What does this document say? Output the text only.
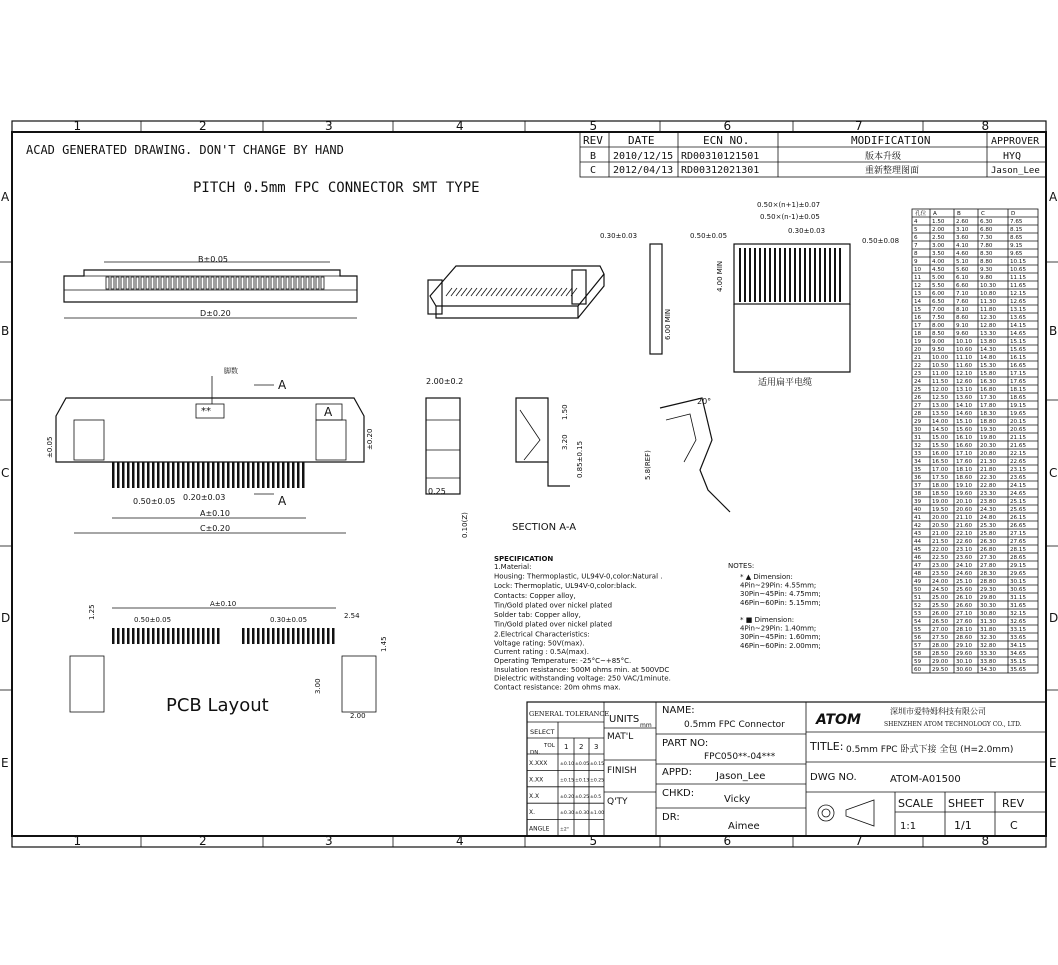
1
1
2
2
3
3
4
4
5
5
6
6
7
7
8
8
A	A
B	B
C	C
D	D
E	E
ACAD GENERATED DRAWING. DON'T CHANGE BY HAND
PITCH 0.5mm FPC CONNECTOR SMT TYPE
REV DATE	ECN NO.	MODIFICATION	APPROVER
B 2010/12/15 RD00310121501	版本升级	HYQ
C 2012/04/13 RD00312021301	重新整理图面	Jason_Lee
B±0.05
D±0.20
脚数
A
**	A
A
0.50±0.05 0.20±0.03
A±0.10
C±0.20
±0.05	±0.20
2.00±0.2
0.25
0.10(Z)
1.50
3.20 0.85±0.15
SECTION A-A
20°
5.8(REF)
0.30±0.03	0.50±0.05
6.00 MIN
0.50×(n+1)±0.07
0.50×(n-1)±0.05
0.30±0.03
0.50±0.08
4.00 MIN
适用扁平电缆
A±0.10
0.50±0.05	0.30±0.05	2.54
1.25
1.45
3.00
2.00
PCB Layout
SPECIFICATION
1.Material:
Housing: Thermoplastic, UL94V-0,color:Natural .
Lock: Thermoplatic, UL94V-0,color:black.
Contacts: Copper alloy,
Tin/Gold plated over nickel plated
Solder tab: Copper alloy,
Tin/Gold plated over nickel plated
2.Electrical Characteristics:
Voltage rating: 50V(max).
Current rating : 0.5A(max).
Operating Temperature: -25°C~+85°C.
Insulation resistance: 500M ohms min. at 500VDC
Dielectric withstanding voltage: 250 VAC/1minute.
Contact resistance: 20m ohms max.
NOTES:
* ▲ Dimension:
4Pin~29Pin: 4.55mm;
30Pin~45Pin: 4.75mm;
46Pin~60Pin: 5.15mm;
* ■ Dimension:
4Pin~29Pin: 1.40mm;
30Pin~45Pin: 1.60mm;
46Pin~60Pin: 2.00mm;
孔位 A	B	C	D
4	1.50 2.60 6.30	7.65
5	2.00 3.10 6.80	8.15
6	2.50 3.60 7.30	8.65
7	3.00 4.10 7.80	9.15
8	3.50 4.60 8.30	9.65
9	4.00 5.10 8.80	10.15
10 4.50 5.60 9.30	10.65
11 5.00 6.10 9.80	11.15
12 5.50 6.60 10.30 11.65
13 6.00 7.10 10.80 12.15
14 6.50 7.60 11.30 12.65
15 7.00 8.10 11.80 13.15
16 7.50 8.60 12.30 13.65
17 8.00 9.10 12.80 14.15
18 8.50 9.60 13.30 14.65
19 9.00 10.10 13.80 15.15
20 9.50 10.60 14.30 15.65
21 10.00 11.10 14.80 16.15
22 10.50 11.60 15.30 16.65
23 11.00 12.10 15.80 17.15
24 11.50 12.60 16.30 17.65
25 12.00 13.10 16.80 18.15
26 12.50 13.60 17.30 18.65
27 13.00 14.10 17.80 19.15
28 13.50 14.60 18.30 19.65
29 14.00 15.10 18.80 20.15
30 14.50 15.60 19.30 20.65
31 15.00 16.10 19.80 21.15
32 15.50 16.60 20.30 21.65
33 16.00 17.10 20.80 22.15
34 16.50 17.60 21.30 22.65
35 17.00 18.10 21.80 23.15
36 17.50 18.60 22.30 23.65
37 18.00 19.10 22.80 24.15
38 18.50 19.60 23.30 24.65
39 19.00 20.10 23.80 25.15
40 19.50 20.60 24.30 25.65
41 20.00 21.10 24.80 26.15
42 20.50 21.60 25.30 26.65
43 21.00 22.10 25.80 27.15
44 21.50 22.60 26.30 27.65
45 22.00 23.10 26.80 28.15
46 22.50 23.60 27.30 28.65
47 23.00 24.10 27.80 29.15
48 23.50 24.60 28.30 29.65
49 24.00 25.10 28.80 30.15
50 24.50 25.60 29.30 30.65
51 25.00 26.10 29.80 31.15
52 25.50 26.60 30.30 31.65
53 26.00 27.10 30.80 32.15
54 26.50 27.60 31.30 32.65
55 27.00 28.10 31.80 33.15
56 27.50 28.60 32.30 33.65
57 28.00 29.10 32.80 34.15
58 28.50 29.60 33.30 34.65
59 29.00 30.10 33.80 35.15
60 29.50 30.60 34.30 35.65
GENERAL TOLERANCE
SELECT
TOL
DN.
1 2 3
X.XXX	±0.10 ±0.05 ±0.15
X.XX	±0.15 ±0.13 ±0.25
X.X	±0.20 ±0.25 ±0.5
X.	±0.30 ±0.30 ±1.00
ANGLE ±2°
UNITS
mm
MAT'L
FINISH
Q'TY
NAME:
0.5mm FPC Connector
PART NO:
FPC050**-04***
APPD: Jason_Lee
CHKD:
Vicky
DR:
Aimee
ATOM
深圳市爱特姆科技有限公司
SHENZHEN ATOM TECHNOLOGY CO., LTD.
TITLE: 0.5mm FPC 卧式下接 全包 (H=2.0mm)
DWG NO.	ATOM-A01500
SCALE
1:1
SHEET
1/1
REV
C
